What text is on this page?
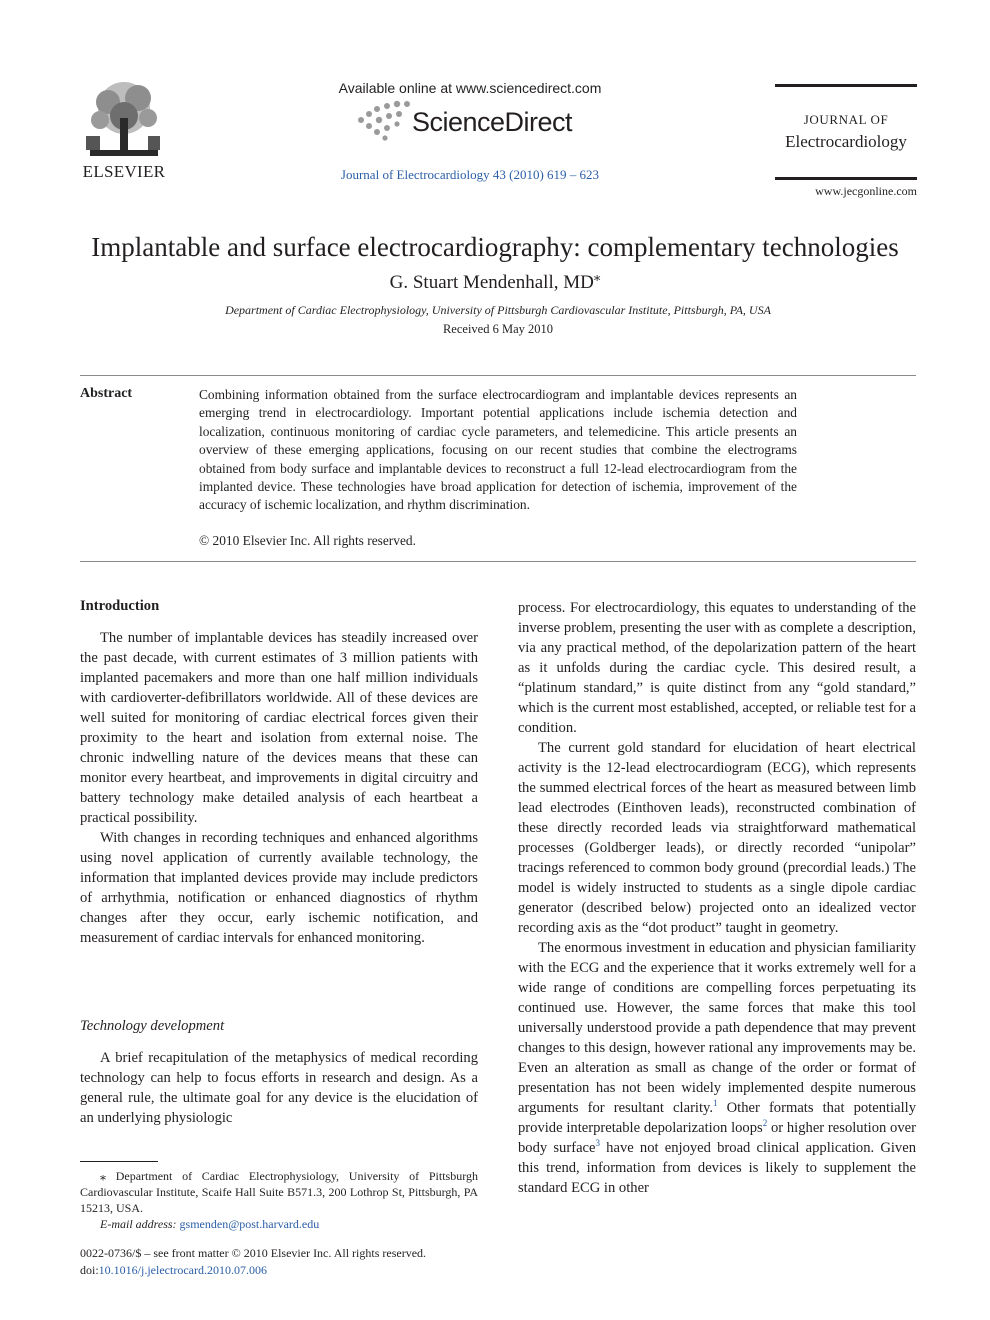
ELSEVIER
Available online at www.sciencedirect.com
ScienceDirect
Journal of Electrocardiology 43 (2010) 619 – 623
JOURNAL OF
Electrocardiology
www.jecgonline.com
Implantable and surface electrocardiography: complementary technologies
G. Stuart Mendenhall, MD⁎
Department of Cardiac Electrophysiology, University of Pittsburgh Cardiovascular Institute, Pittsburgh, PA, USA
Received 6 May 2010
Abstract	Combining information obtained from the surface electrocardiogram and implantable devices represents an emerging trend in electrocardiology. Important potential applications include ischemia detection and localization, continuous monitoring of cardiac cycle parameters, and telemedicine. This article presents an overview of these emerging applications, focusing on our recent studies that combine the electrograms obtained from body surface and implantable devices to reconstruct a full 12-lead electrocardiogram from the implanted device. These technologies have broad application for detection of ischemia, improvement of the accuracy of ischemic localization, and rhythm discrimination.
© 2010 Elsevier Inc. All rights reserved.
Introduction

The number of implantable devices has steadily increased over the past decade, with current estimates of 3 million patients with implanted pacemakers and more than one half million individuals with cardioverter-defibrillators worldwide. All of these devices are well suited for monitoring of cardiac electrical forces given their proximity to the heart and isolation from external noise. The chronic indwelling nature of the devices means that these can monitor every heartbeat, and improvements in digital circuitry and battery technology make detailed analysis of each heartbeat a practical possibility.

With changes in recording techniques and enhanced algorithms using novel application of currently available technology, the information that implanted devices provide may include predictors of arrhythmia, notification or enhanced diagnostics of rhythm changes after they occur, early ischemic notification, and measurement of cardiac intervals for enhanced monitoring.

Technology development

A brief recapitulation of the metaphysics of medical recording technology can help to focus efforts in research and design. As a general rule, the ultimate goal for any device is the elucidation of an underlying physiologic

⁎ Department of Cardiac Electrophysiology, University of Pittsburgh Cardiovascular Institute, Scaife Hall Suite B571.3, 200 Lothrop St, Pittsburgh, PA 15213, USA.
E-mail address: gsmenden@post.harvard.edu
0022-0736/$ – see front matter © 2010 Elsevier Inc. All rights reserved.
doi:10.1016/j.jelectrocard.2010.07.006

process. For electrocardiology, this equates to understanding of the inverse problem, presenting the user with as complete a description, via any practical method, of the depolarization pattern of the heart as it unfolds during the cardiac cycle. This desired result, a “platinum standard,” is quite distinct from any “gold standard,” which is the current most established, accepted, or reliable test for a condition.

The current gold standard for elucidation of heart electrical activity is the 12-lead electrocardiogram (ECG), which represents the summed electrical forces of the heart as measured between limb lead electrodes (Einthoven leads), reconstructed combination of these directly recorded leads via straightforward mathematical processes (Goldberger leads), or directly recorded “unipolar” tracings referenced to common body ground (precordial leads.) The model is widely instructed to students as a single dipole cardiac generator (described below) projected onto an idealized vector recording axis as the “dot product” taught in geometry.

The enormous investment in education and physician familiarity with the ECG and the experience that it works extremely well for a wide range of conditions are compelling forces perpetuating its continued use. However, the same forces that make this tool universally understood provide a path dependence that may prevent changes to this design, however rational any improvements may be. Even an alteration as small as change of the order or format of presentation has not been widely implemented despite numerous arguments for resultant clarity.$^1$ Other formats that potentially provide interpretable depolarization loops$^2$ or higher resolution over body surface$^3$ have not enjoyed broad clinical application. Given this trend, information from devices is likely to supplement the standard ECG in other
